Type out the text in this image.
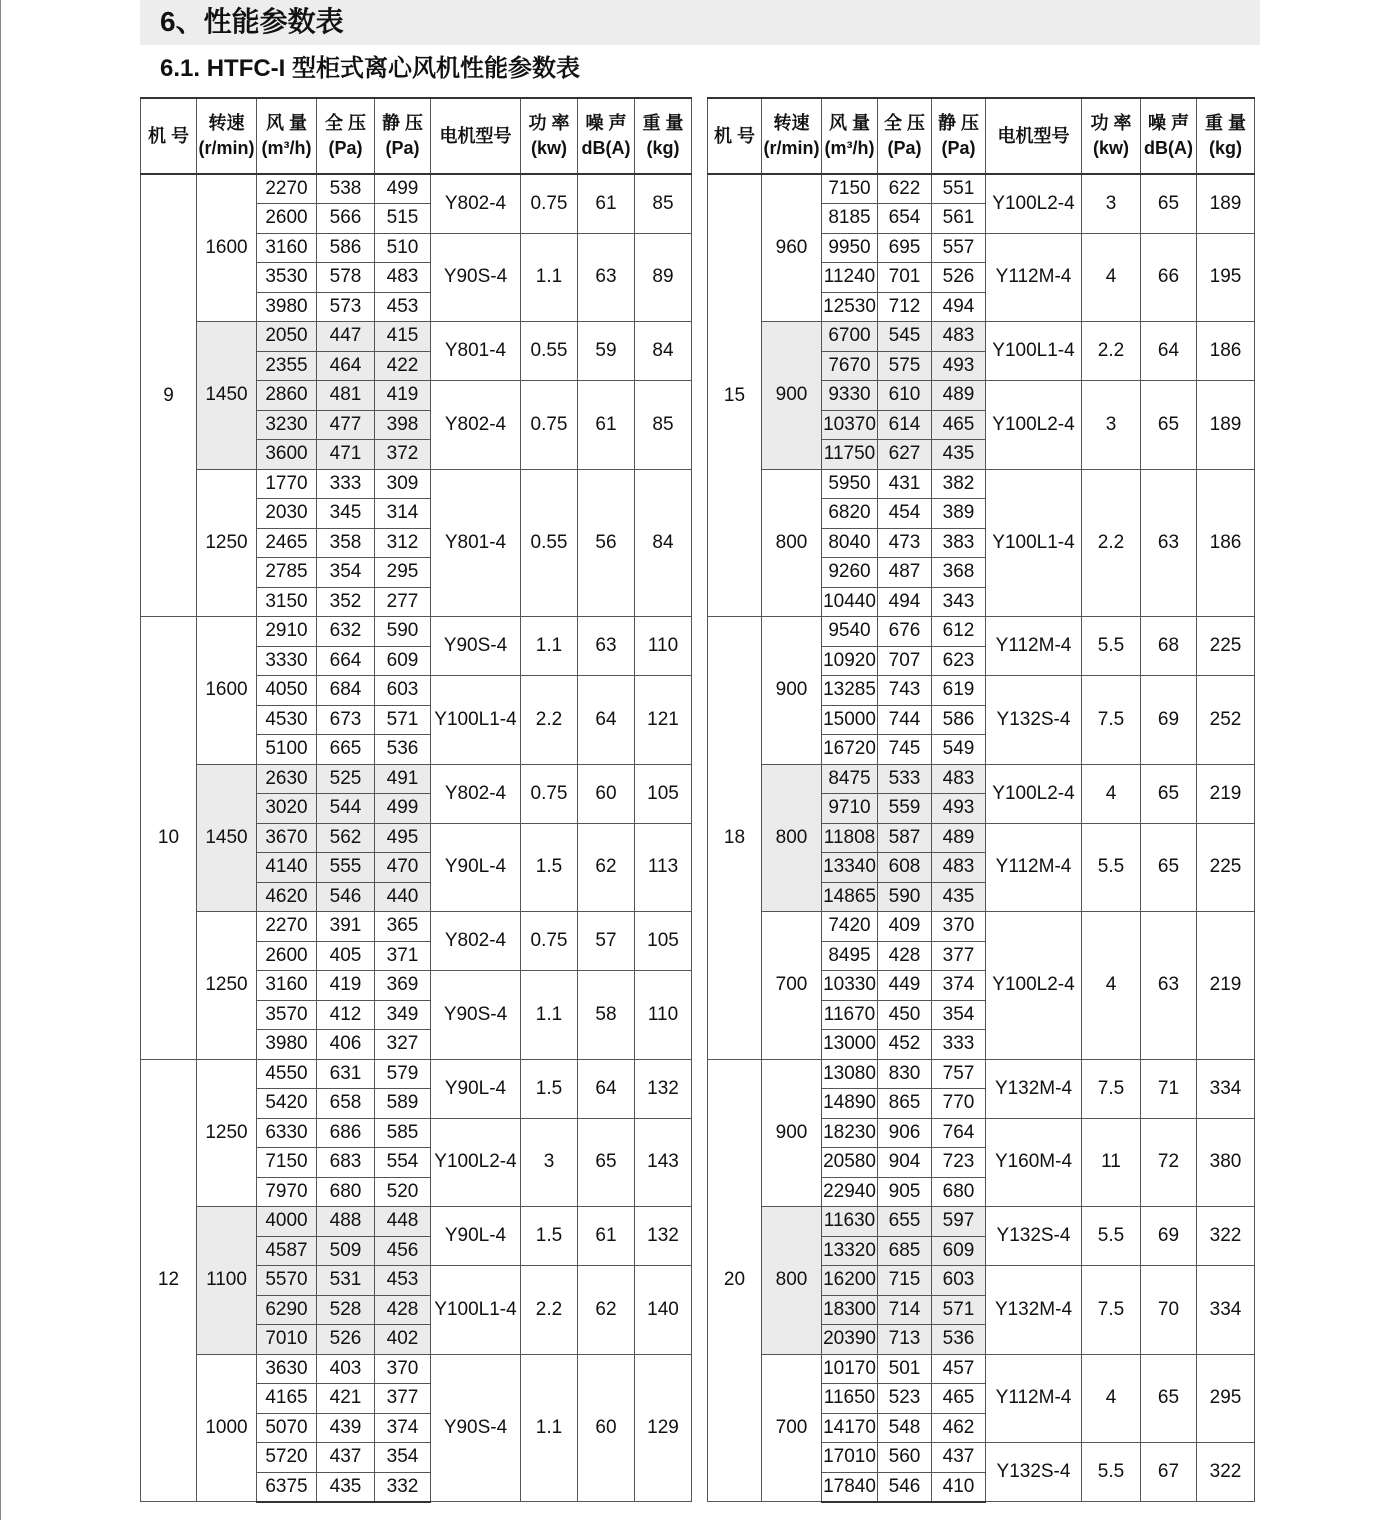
6、性能参数表
6.1. HTFC-I 型柜式离心风机性能参数表
机 号	转速 (r/min)	风 量 (m³/h)	全 压 (Pa)	静 压 (Pa)	电机型号	功 率 (kw)	噪 声 dB(A)	重 量 (kg)
9	1600	2270	538	499	Y802-4	0.75	61	85
		2600	566	515				
		3160	586	510	Y90S-4	1.1	63	89
		3530	578	483				
		3980	573	453				
	1450	2050	447	415	Y801-4	0.55	59	84
		2355	464	422				
		2860	481	419	Y802-4	0.75	61	85
		3230	477	398				
		3600	471	372				
	1250	1770	333	309	Y801-4	0.55	56	84
		2030	345	314				
		2465	358	312				
		2785	354	295				
		3150	352	277				
10	1600	2910	632	590	Y90S-4	1.1	63	110
		3330	664	609				
		4050	684	603	Y100L1-4	2.2	64	121
		4530	673	571				
		5100	665	536				
	1450	2630	525	491	Y802-4	0.75	60	105
		3020	544	499				
		3670	562	495	Y90L-4	1.5	62	113
		4140	555	470				
		4620	546	440				
	1250	2270	391	365	Y802-4	0.75	57	105
		2600	405	371				
		3160	419	369	Y90S-4	1.1	58	110
		3570	412	349				
		3980	406	327				
12	1250	4550	631	579	Y90L-4	1.5	64	132
		5420	658	589				
		6330	686	585	Y100L2-4	3	65	143
		7150	683	554				
		7970	680	520				
	1100	4000	488	448	Y90L-4	1.5	61	132
		4587	509	456				
		5570	531	453	Y100L1-4	2.2	62	140
		6290	528	428				
		7010	526	402				
	1000	3630	403	370	Y90S-4	1.1	60	129
		4165	421	377				
		5070	439	374				
		5720	437	354				
		6375	435	332				
机 号	转速 (r/min)	风 量 (m³/h)	全 压 (Pa)	静 压 (Pa)	电机型号	功 率 (kw)	噪 声 dB(A)	重 量 (kg)
15	960	7150	622	551	Y100L2-4	3	65	189
		8185	654	561				
		9950	695	557	Y112M-4	4	66	195
		11240	701	526				
		12530	712	494				
	900	6700	545	483	Y100L1-4	2.2	64	186
		7670	575	493				
		9330	610	489	Y100L2-4	3	65	189
		10370	614	465				
		11750	627	435				
	800	5950	431	382	Y100L1-4	2.2	63	186
		6820	454	389				
		8040	473	383				
		9260	487	368				
		10440	494	343				
18	900	9540	676	612	Y112M-4	5.5	68	225
		10920	707	623				
		13285	743	619	Y132S-4	7.5	69	252
		15000	744	586				
		16720	745	549				
	800	8475	533	483	Y100L2-4	4	65	219
		9710	559	493				
		11808	587	489	Y112M-4	5.5	65	225
		13340	608	483				
		14865	590	435				
	700	7420	409	370	Y100L2-4	4	63	219
		8495	428	377				
		10330	449	374				
		11670	450	354				
		13000	452	333				
20	900	13080	830	757	Y132M-4	7.5	71	334
		14890	865	770				
		18230	906	764	Y160M-4	11	72	380
		20580	904	723				
		22940	905	680				
	800	11630	655	597	Y132S-4	5.5	69	322
		13320	685	609				
		16200	715	603	Y132M-4	7.5	70	334
		18300	714	571				
		20390	713	536				
	700	10170	501	457	Y112M-4	4	65	295
		11650	523	465				
		14170	548	462				
		17010	560	437	Y132S-4	5.5	67	322
		17840	546	410				
